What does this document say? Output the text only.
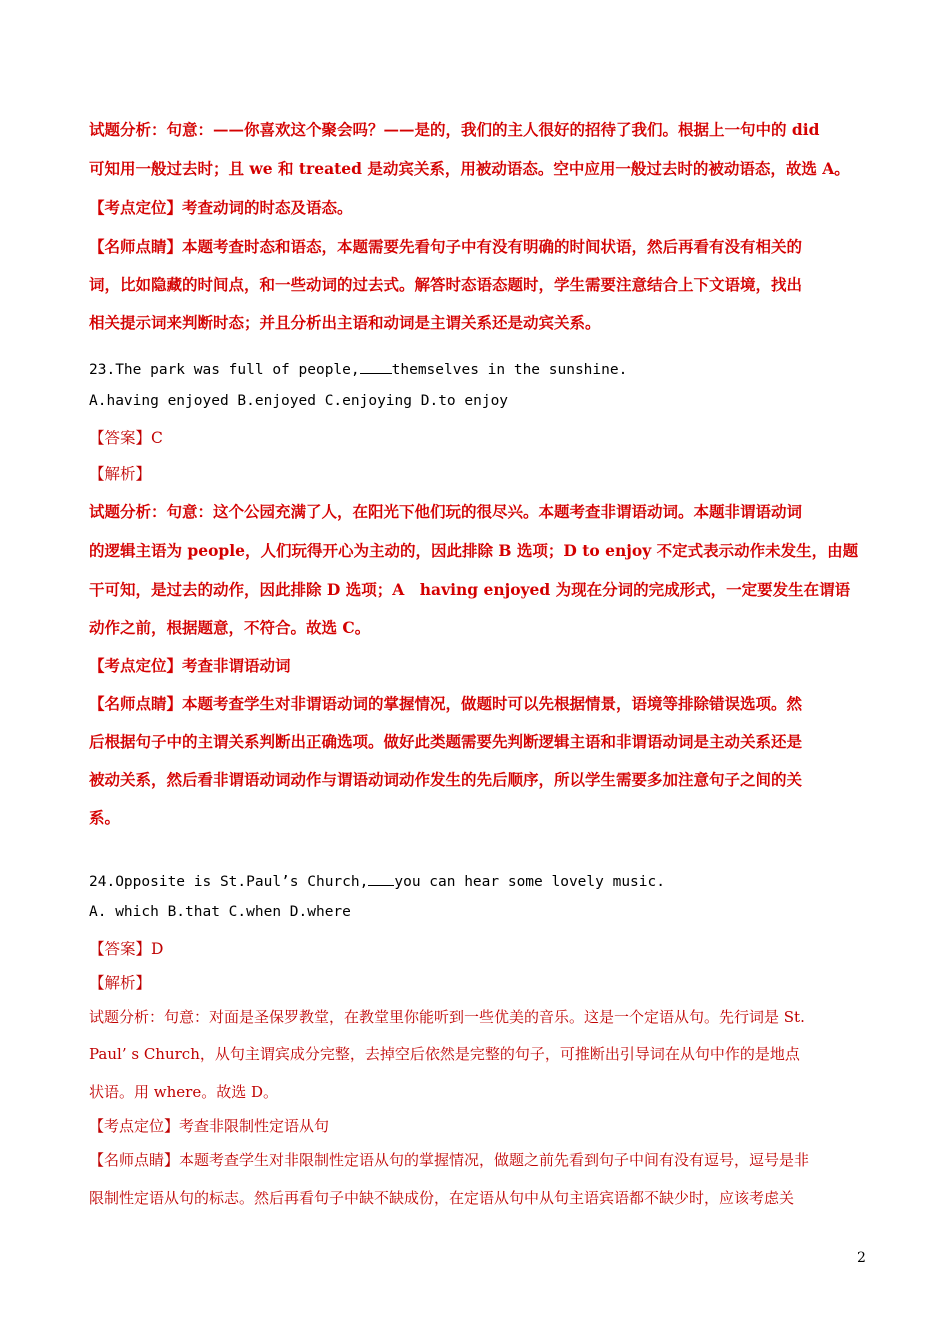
试题分析：句意：——你喜欢这个聚会吗？——是的，我们的主人很好的招待了我们。根据上一句中的 did
可知用一般过去时；且 we 和 treated 是动宾关系，用被动语态。空中应用一般过去时的被动语态，故选 A。
【考点定位】考查动词的时态及语态。
【名师点睛】本题考查时态和语态，本题需要先看句子中有没有明确的时间状语，然后再看有没有相关的
词，比如隐藏的时间点，和一些动词的过去式。解答时态语态题时，学生需要注意结合上下文语境，找出
相关提示词来判断时态；并且分析出主语和动词是主谓关系还是动宾关系。
23.The park was full of people, themselves in the sunshine.
A.having enjoyed B.enjoyed C.enjoying D.to enjoy
【答案】C
【解析】
试题分析：句意：这个公园充满了人，在阳光下他们玩的很尽兴。本题考查非谓语动词。本题非谓语动词
的逻辑主语为 people，人们玩得开心为主动的，因此排除 B 选项；D to enjoy 不定式表示动作未发生，由题
干可知，是过去的动作，因此排除 D 选项；A　having enjoyed 为现在分词的完成形式，一定要发生在谓语
动作之前，根据题意，不符合。故选 C。
【考点定位】考查非谓语动词
【名师点睛】本题考查学生对非谓语动词的掌握情况，做题时可以先根据情景，语境等排除错误选项。然
后根据句子中的主谓关系判断出正确选项。做好此类题需要先判断逻辑主语和非谓语动词是主动关系还是
被动关系，然后看非谓语动词动作与谓语动词动作发生的先后顺序，所以学生需要多加注意句子之间的关
系。
24.Opposite is St.Paul’s Church, you can hear some lovely music.
A. which B.that C.when D.where
【答案】D
【解析】
试题分析：句意：对面是圣保罗教堂，在教堂里你能听到一些优美的音乐。这是一个定语从句。先行词是 St.
Paul’ s Church，从句主谓宾成分完整，去掉空后依然是完整的句子，可推断出引导词在从句中作的是地点
状语。用 where。故选 D。
【考点定位】考查非限制性定语从句
【名师点睛】本题考查学生对非限制性定语从句的掌握情况，做题之前先看到句子中间有没有逗号，逗号是非
限制性定语从句的标志。然后再看句子中缺不缺成份，在定语从句中从句主语宾语都不缺少时，应该考虑关
2
